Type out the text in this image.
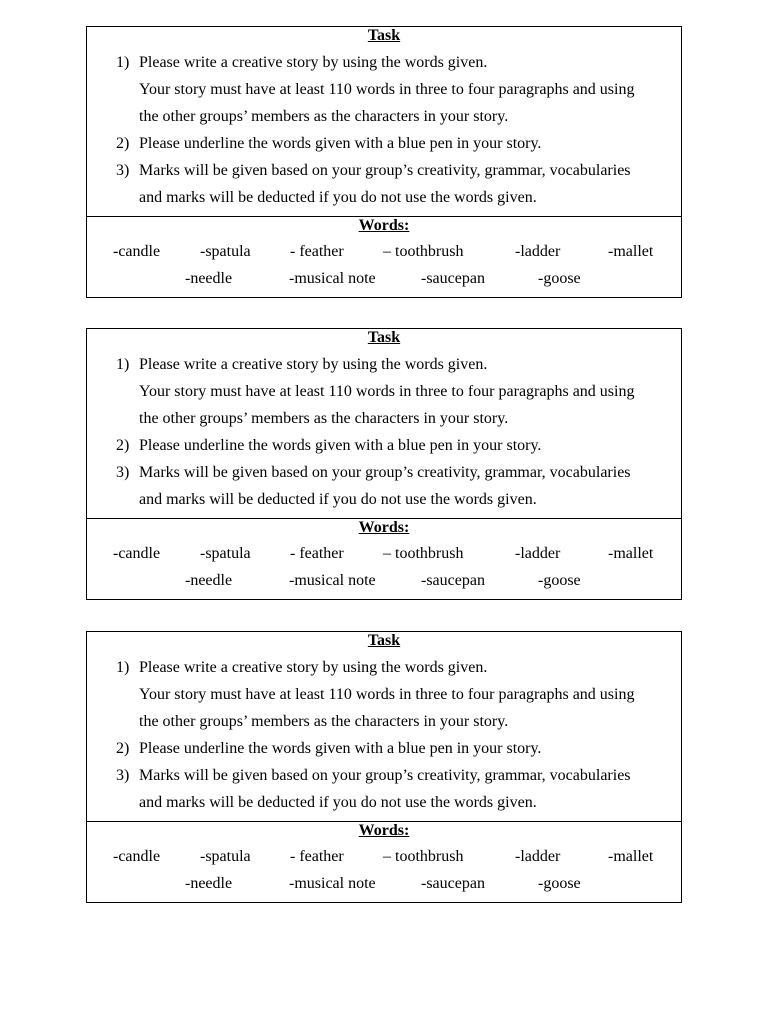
Task
1) Please write a creative story by using the words given.
Your story must have at least 110 words in three to four paragraphs and using
the other groups’ members as the characters in your story.
2) Please underline the words given with a blue pen in your story.
3) Marks will be given based on your group’s creativity, grammar, vocabularies
and marks will be deducted if you do not use the words given.
Words:
-candle -spatula - feather – toothbrush	-ladder	-mallet
-needle	-musical note	-saucepan	-goose
Task
1) Please write a creative story by using the words given.
Your story must have at least 110 words in three to four paragraphs and using
the other groups’ members as the characters in your story.
2) Please underline the words given with a blue pen in your story.
3) Marks will be given based on your group’s creativity, grammar, vocabularies
and marks will be deducted if you do not use the words given.
Words:
-candle -spatula - feather – toothbrush	-ladder	-mallet
-needle	-musical note	-saucepan	-goose
Task
1) Please write a creative story by using the words given.
Your story must have at least 110 words in three to four paragraphs and using
the other groups’ members as the characters in your story.
2) Please underline the words given with a blue pen in your story.
3) Marks will be given based on your group’s creativity, grammar, vocabularies
and marks will be deducted if you do not use the words given.
Words:
-candle -spatula - feather – toothbrush	-ladder	-mallet
-needle	-musical note	-saucepan	-goose
